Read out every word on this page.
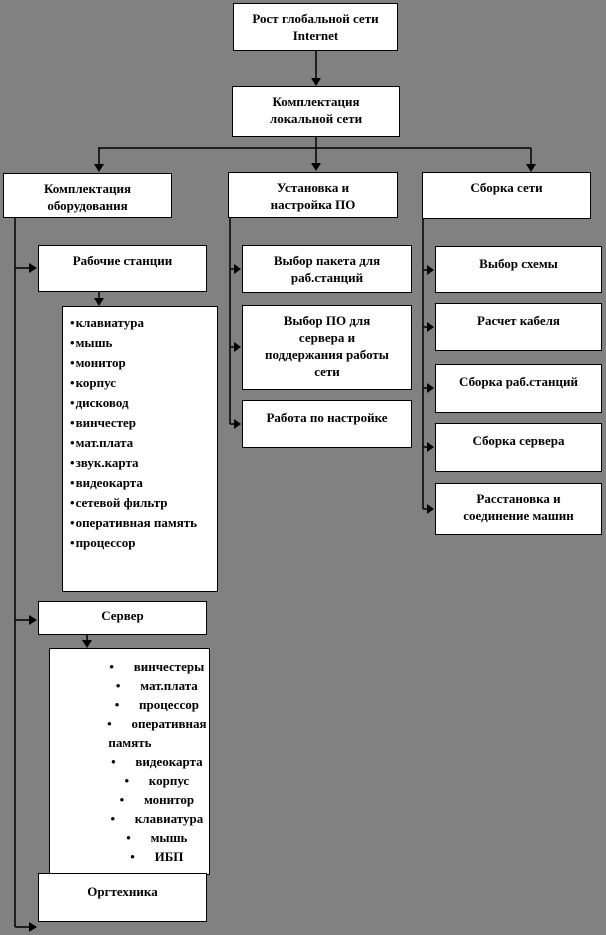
Рост глобальной сети Internet
Комплектация локальной сети
Комплектация оборудования
Установка и настройка ПО
Сборка сети
Рабочие станции
•клавиатура
•мышь
•монитор
•корпус
•дисковод
•винчестер
•мат.плата
•звук.карта
•видеокарта
•сетевой фильтр
•оперативная память
•процессор
Сервер
• винчестеры
• мат.плата
• процессор
• оперативная память
• видеокарта
• корпус
• монитор
• клавиатура
• мышь
• ИБП
Оргтехника
Выбор пакета для раб.станций
Выбор ПО для сервера и поддержания работы сети
Работа по настройке
Выбор схемы
Расчет кабеля
Сборка раб.станций
Сборка сервера
Расстановка и соединение машин
